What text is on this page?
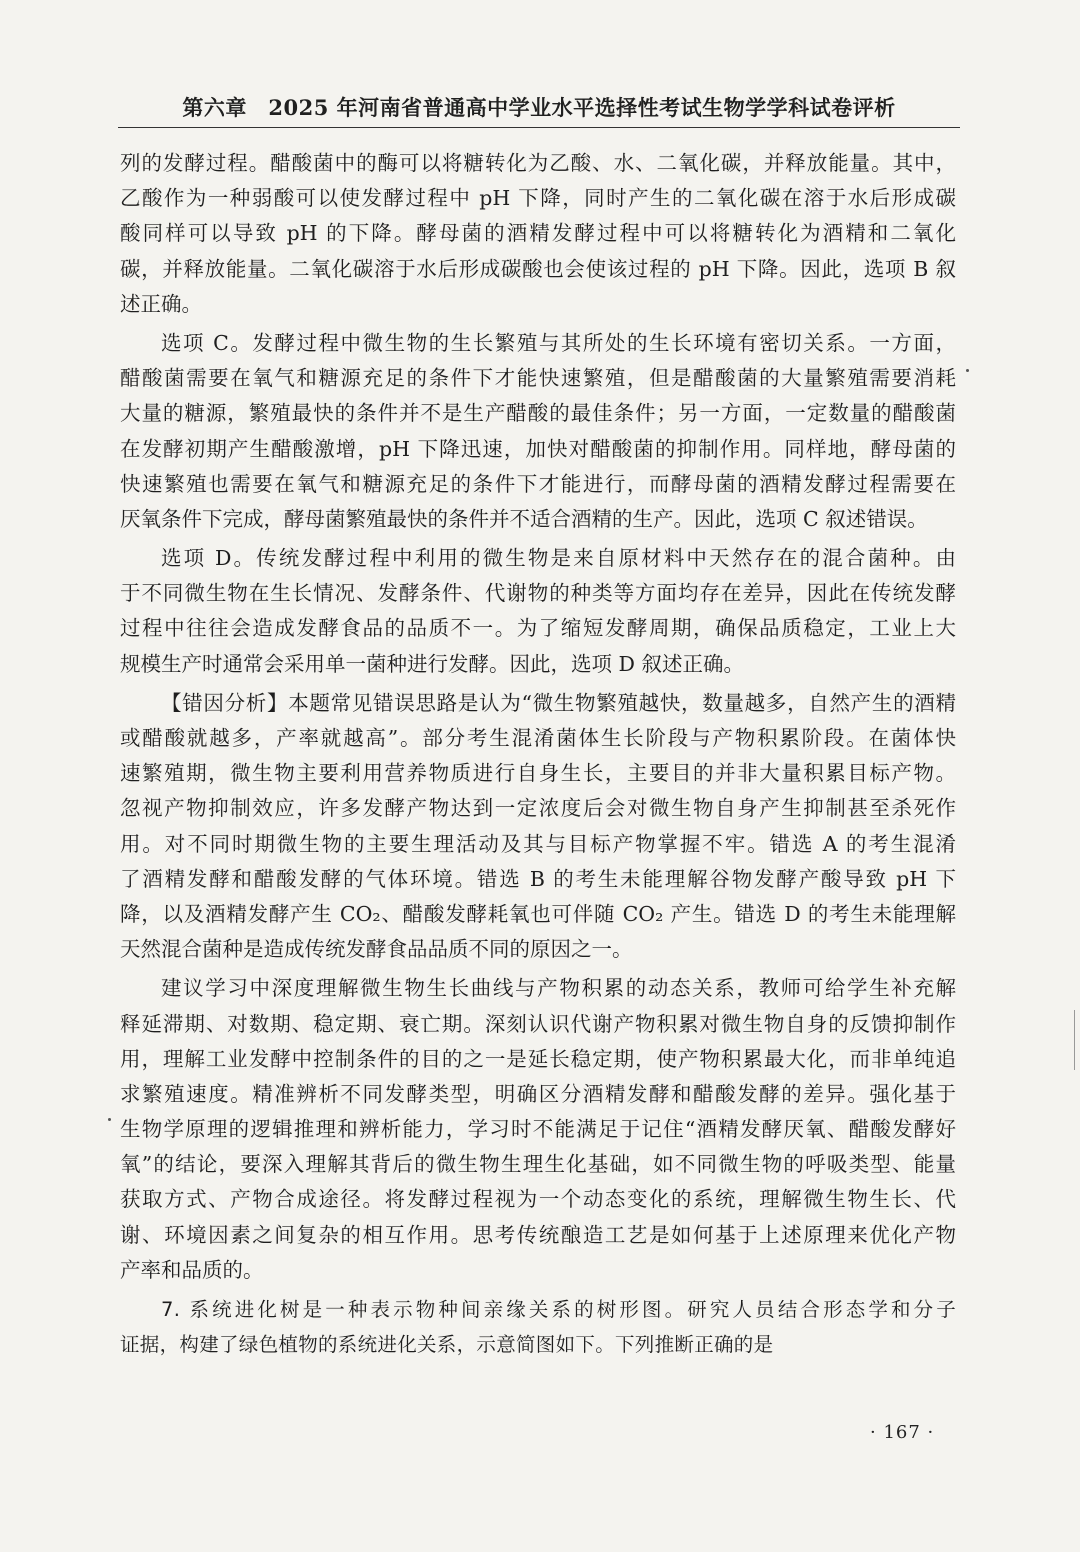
第六章　2025 年河南省普通高中学业水平选择性考试生物学学科试卷评析
列的发酵过程。醋酸菌中的酶可以将糖转化为乙酸、水、二氧化碳，并释放能量。其中，
乙酸作为一种弱酸可以使发酵过程中 pH 下降，同时产生的二氧化碳在溶于水后形成碳
酸同样可以导致 pH 的下降。酵母菌的酒精发酵过程中可以将糖转化为酒精和二氧化
碳，并释放能量。二氧化碳溶于水后形成碳酸也会使该过程的 pH 下降。因此，选项 B 叙
述正确。
选项 C。发酵过程中微生物的生长繁殖与其所处的生长环境有密切关系。一方面，
醋酸菌需要在氧气和糖源充足的条件下才能快速繁殖，但是醋酸菌的大量繁殖需要消耗
大量的糖源，繁殖最快的条件并不是生产醋酸的最佳条件；另一方面，一定数量的醋酸菌
在发酵初期产生醋酸激增，pH 下降迅速，加快对醋酸菌的抑制作用。同样地，酵母菌的
快速繁殖也需要在氧气和糖源充足的条件下才能进行，而酵母菌的酒精发酵过程需要在
厌氧条件下完成，酵母菌繁殖最快的条件并不适合酒精的生产。因此，选项 C 叙述错误。
选项 D。传统发酵过程中利用的微生物是来自原材料中天然存在的混合菌种。由
于不同微生物在生长情况、发酵条件、代谢物的种类等方面均存在差异，因此在传统发酵
过程中往往会造成发酵食品的品质不一。为了缩短发酵周期，确保品质稳定，工业上大
规模生产时通常会采用单一菌种进行发酵。因此，选项 D 叙述正确。
【错因分析】本题常见错误思路是认为“微生物繁殖越快，数量越多，自然产生的酒精
或醋酸就越多，产率就越高”。部分考生混淆菌体生长阶段与产物积累阶段。在菌体快
速繁殖期，微生物主要利用营养物质进行自身生长，主要目的并非大量积累目标产物。
忽视产物抑制效应，许多发酵产物达到一定浓度后会对微生物自身产生抑制甚至杀死作
用。对不同时期微生物的主要生理活动及其与目标产物掌握不牢。错选 A 的考生混淆
了酒精发酵和醋酸发酵的气体环境。错选 B 的考生未能理解谷物发酵产酸导致 pH 下
降，以及酒精发酵产生 CO₂、醋酸发酵耗氧也可伴随 CO₂ 产生。错选 D 的考生未能理解
天然混合菌种是造成传统发酵食品品质不同的原因之一。
建议学习中深度理解微生物生长曲线与产物积累的动态关系，教师可给学生补充解
释延滞期、对数期、稳定期、衰亡期。深刻认识代谢产物积累对微生物自身的反馈抑制作
用，理解工业发酵中控制条件的目的之一是延长稳定期，使产物积累最大化，而非单纯追
求繁殖速度。精准辨析不同发酵类型，明确区分酒精发酵和醋酸发酵的差异。强化基于
生物学原理的逻辑推理和辨析能力，学习时不能满足于记住“酒精发酵厌氧、醋酸发酵好
氧”的结论，要深入理解其背后的微生物生理生化基础，如不同微生物的呼吸类型、能量
获取方式、产物合成途径。将发酵过程视为一个动态变化的系统，理解微生物生长、代
谢、环境因素之间复杂的相互作用。思考传统酿造工艺是如何基于上述原理来优化产物
产率和品质的。
7. 系统进化树是一种表示物种间亲缘关系的树形图。研究人员结合形态学和分子
证据，构建了绿色植物的系统进化关系，示意简图如下。下列推断正确的是
· 167 ·
